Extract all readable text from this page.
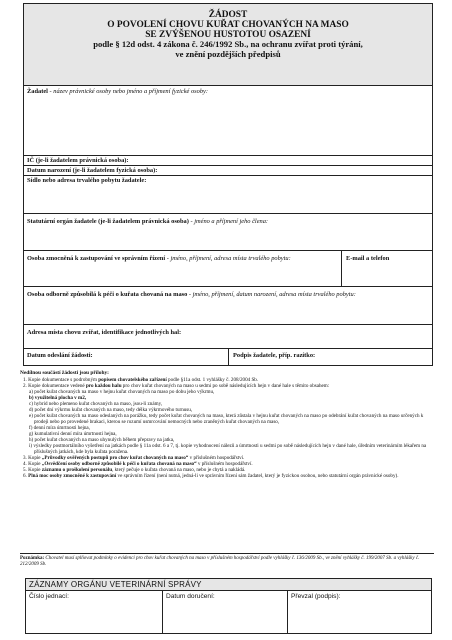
ŽÁDOST
O POVOLENÍ CHOVU KUŘAT CHOVANÝCH NA MASO
SE ZVÝŠENOU HUSTOTOU OSAZENÍ
podle § 12d odst. 4 zákona č. 246/1992 Sb., na ochranu zvířat proti týrání,
ve znění pozdějších předpisů
Žadatel - název právnické osoby nebo jméno a příjmení fyzické osoby:
IČ (je-li žadatelem právnická osoba):
Datum narození (je-li žadatelem fyzická osoba):
Sídlo nebo adresa trvalého pobytu žadatele:
Statutární orgán žadatele (je-li žadatelem právnická osoba) - jméno a příjmení jeho člena:
Osoba zmocněná k zastupování ve správním řízení - jméno, příjmení, adresa místa trvalého pobytu:	E-mail a telefon
Osoba odborně způsobilá k péči o kuřata chovaná na maso - jméno, příjmení, datum narození, adresa místa trvalého pobytu:
Adresa místa chovu zvířat, identifikace jednotlivých hal:
Datum odeslání žádosti:	Podpis žadatele, příp. razítko:
Nedílnou součástí žádosti jsou přílohy:
1. Kopie dokumentace s podrobným popisem chovatelského zařízení podle §11a odst. 1 vyhlášky č. 208/2004 Sb.
2. Kopie dokumentace vedené pro každou halu pro chov kuřat chovaných na maso u sedmi po sobě následujících hejn v dané hale s těmito obsahem:
a) počet kuřat chovaných na maso v hejnu kuřat chovaných na maso po dobu jeho výkrmu,
b) využitelná plocha v m2,
c) hybrid nebo plemeno kuřat chovaných na maso, jsou-li známy,
d) počet dní výkrmu kuřat chovaných na maso, tedy délka výkrmového turnusu,
e) počet kuřat chovaných na maso odeslaných na porážku, tedy počet kuřat chovaných na maso, která zůstala v hejnu kuřat chovaných na maso po odebrání kuřat chovaných na maso určených k prodeji nebo po provedené brakaci, kterou se rozumí usmrcování nemocných nebo zraněných kuřat chovaných na maso,
f) denní míra úmrtnosti hejna,
g) kumulativní denní míra úmrtnosti hejna,
h) počet kuřat chovaných na maso uhynulých během přepravy na jatka,
i) výsledky postmortálního vyšetření na jatkách podle § 11a odst. 6 a 7, tj. kopie vyhodnocení nálezů a úmrtnosti u sedmi po sobě následujících hejn v dané hale, úředním veterinárním lékařem na příslušných jatkách, kde byla kuřata poražena.
3. Kopie „Průvodky ověřených postupů pro chov kuřat chovaných na maso“ v příslušném hospodářství.
4. Kopie „Osvědčení osoby odborně způsobilé k péči o kuřata chovaná na maso“ v příslušném hospodářství.
5. Kopie záznamu o proškolení personálu, který pečuje o kuřata chovaná na maso, nebo je chytá a nakládá.
6. Plná moc osoby zmocněné k zastupování ve správním řízení (není nutná, jedná-li ve správním řízení sám žadatel, který je fyzickou osobou, nebo statutární orgán právnické osoby).
Poznámka: Chovatel musí splňovat podmínky o evidenci pro chov kuřat chovaných na maso v příslušném hospodářství podle vyhlášky č. 136/2009 Sb., ve znění vyhlášky č. 199/2007 Sb. a vyhlášky č. 212/2009 Sb.
ZÁZNAMY ORGÁNU VETERINÁRNÍ SPRÁVY
Číslo jednací:	Datum doručení:	Převzal (podpis):
